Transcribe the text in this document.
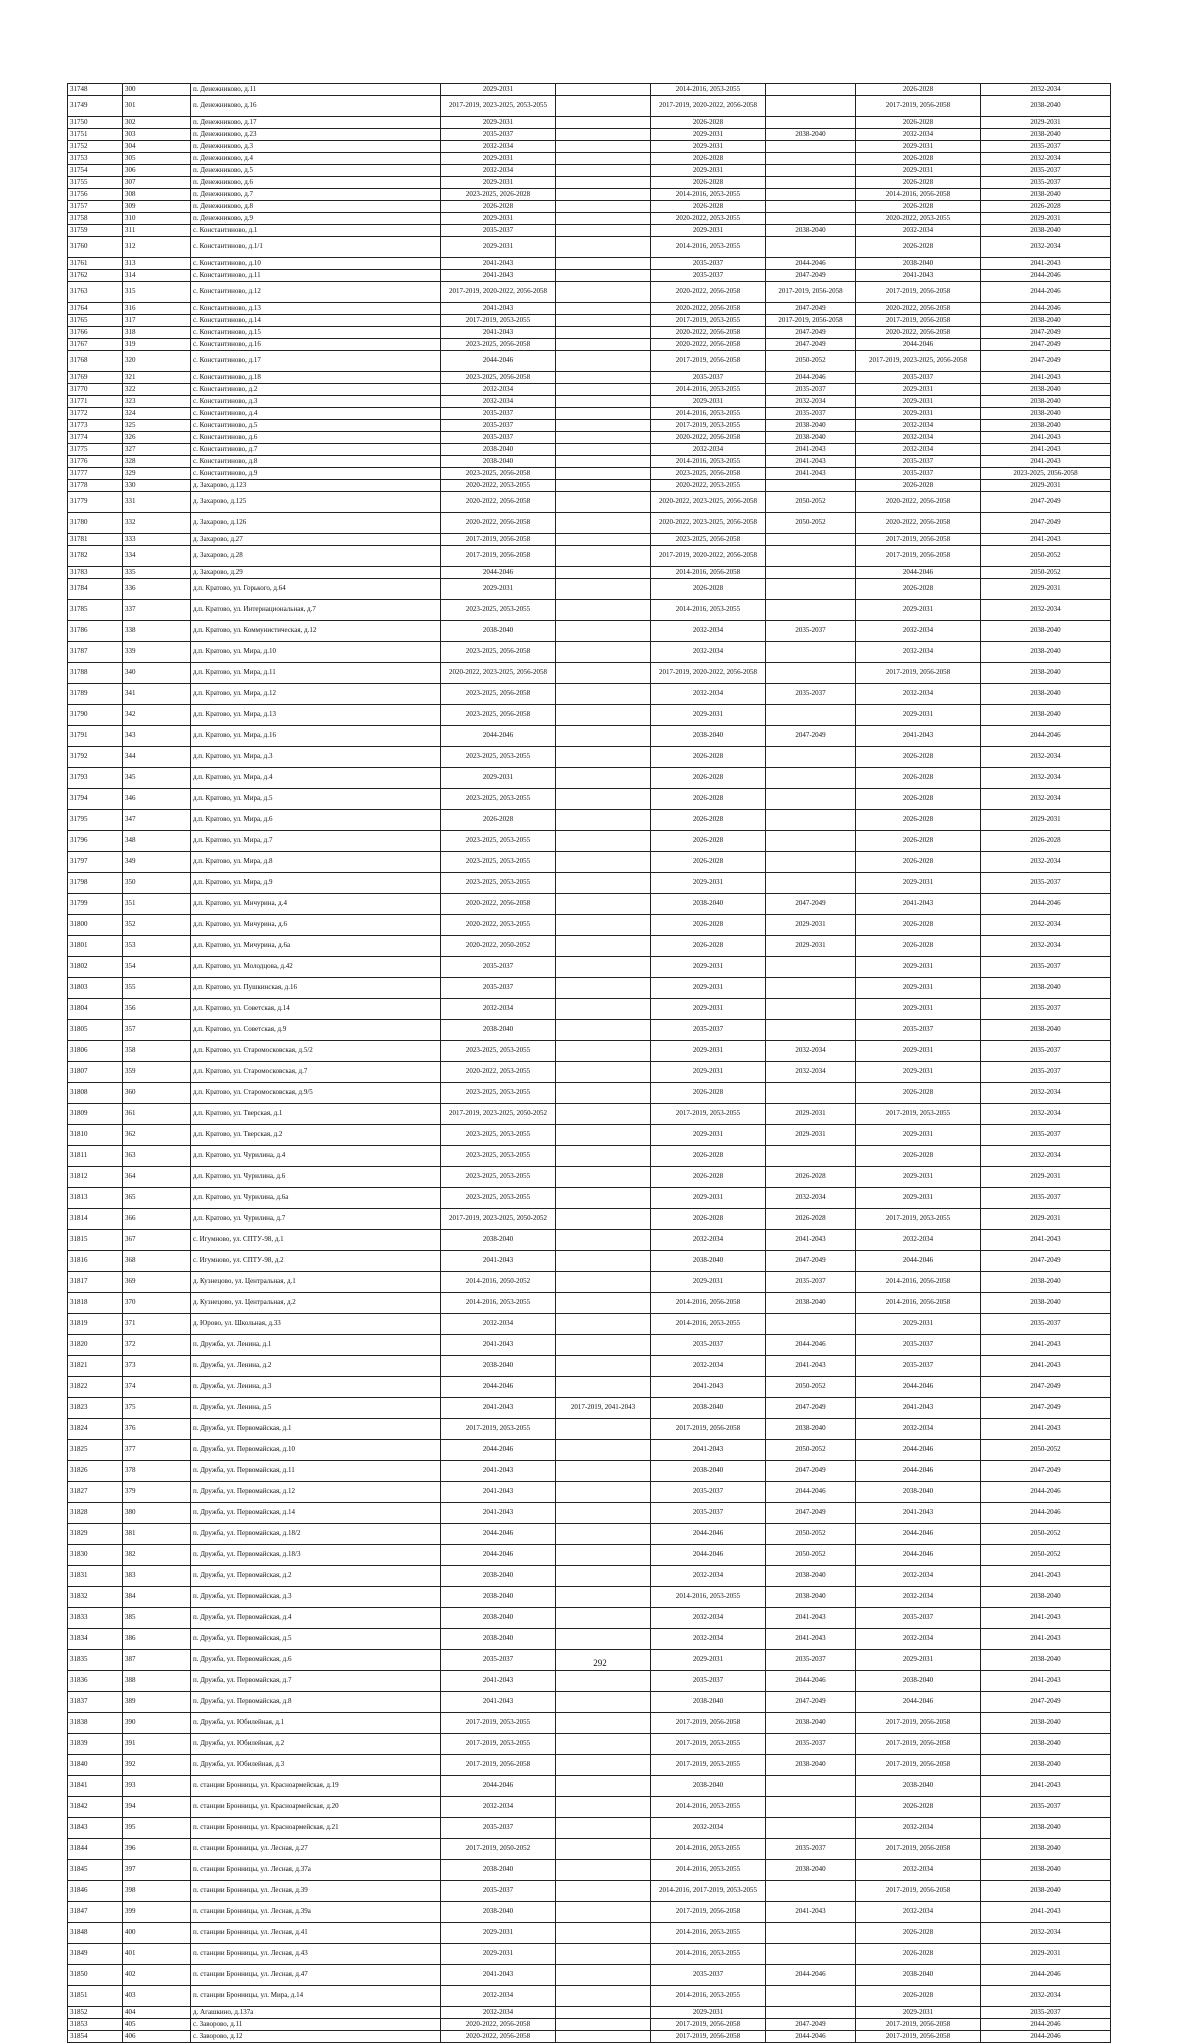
31748	300	п. Денежниково, д.11	2029-2031		2014-2016, 2053-2055		2026-2028	2032-2034
31749	301	п. Денежниково, д.16	2017-2019, 2023-2025, 2053-2055		2017-2019, 2020-2022, 2056-2058		2017-2019, 2056-2058	2038-2040
31750	302	п. Денежниково, д.17	2029-2031		2026-2028		2026-2028	2029-2031
31751	303	п. Денежниково, д.23	2035-2037		2029-2031	2038-2040	2032-2034	2038-2040
31752	304	п. Денежниково, д.3	2032-2034		2029-2031		2029-2031	2035-2037
31753	305	п. Денежниково, д.4	2029-2031		2026-2028		2026-2028	2032-2034
31754	306	п. Денежниково, д.5	2032-2034		2029-2031		2029-2031	2035-2037
31755	307	п. Денежниково, д.6	2029-2031		2026-2028		2026-2028	2035-2037
31756	308	п. Денежниково, д.7	2023-2025, 2026-2028		2014-2016, 2053-2055		2014-2016, 2056-2058	2038-2040
31757	309	п. Денежниково, д.8	2026-2028		2026-2028		2026-2028	2026-2028
31758	310	п. Денежниково, д.9	2029-2031		2020-2022, 2053-2055		2020-2022, 2053-2055	2029-2031
31759	311	с. Константиново, д.1	2035-2037		2029-2031	2038-2040	2032-2034	2038-2040
31760	312	с. Константиново, д.1/1	2029-2031		2014-2016, 2053-2055		2026-2028	2032-2034
31761	313	с. Константиново, д.10	2041-2043		2035-2037	2044-2046	2038-2040	2041-2043
31762	314	с. Константиново, д.11	2041-2043		2035-2037	2047-2049	2041-2043	2044-2046
31763	315	с. Константиново, д.12	2017-2019, 2020-2022, 2056-2058		2020-2022, 2056-2058	2017-2019, 2056-2058	2017-2019, 2056-2058	2044-2046
31764	316	с. Константиново, д.13	2041-2043		2020-2022, 2056-2058	2047-2049	2020-2022, 2056-2058	2044-2046
31765	317	с. Константиново, д.14	2017-2019, 2053-2055		2017-2019, 2053-2055	2017-2019, 2056-2058	2017-2019, 2056-2058	2038-2040
31766	318	с. Константиново, д.15	2041-2043		2020-2022, 2056-2058	2047-2049	2020-2022, 2056-2058	2047-2049
31767	319	с. Константиново, д.16	2023-2025, 2056-2058		2020-2022, 2056-2058	2047-2049	2044-2046	2047-2049
31768	320	с. Константиново, д.17	2044-2046		2017-2019, 2056-2058	2050-2052	2017-2019, 2023-2025, 2056-2058	2047-2049
31769	321	с. Константиново, д.18	2023-2025, 2056-2058		2035-2037	2044-2046	2035-2037	2041-2043
31770	322	с. Константиново, д.2	2032-2034		2014-2016, 2053-2055	2035-2037	2029-2031	2038-2040
31771	323	с. Константиново, д.3	2032-2034		2029-2031	2032-2034	2029-2031	2038-2040
31772	324	с. Константиново, д.4	2035-2037		2014-2016, 2053-2055	2035-2037	2029-2031	2038-2040
31773	325	с. Константиново, д.5	2035-2037		2017-2019, 2053-2055	2038-2040	2032-2034	2038-2040
31774	326	с. Константиново, д.6	2035-2037		2020-2022, 2056-2058	2038-2040	2032-2034	2041-2043
31775	327	с. Константиново, д.7	2038-2040		2032-2034	2041-2043	2032-2034	2041-2043
31776	328	с. Константиново, д.8	2038-2040		2014-2016, 2053-2055	2041-2043	2035-2037	2041-2043
31777	329	с. Константиново, д.9	2023-2025, 2056-2058		2023-2025, 2056-2058	2041-2043	2035-2037	2023-2025, 2056-2058
31778	330	д. Захарово, д.123	2020-2022, 2053-2055		2020-2022, 2053-2055		2026-2028	2029-2031
31779	331	д. Захарово, д.125	2020-2022, 2056-2058		2020-2022, 2023-2025, 2056-2058	2050-2052	2020-2022, 2056-2058	2047-2049
31780	332	д. Захарово, д.126	2020-2022, 2056-2058		2020-2022, 2023-2025, 2056-2058	2050-2052	2020-2022, 2056-2058	2047-2049
31781	333	д. Захарово, д.27	2017-2019, 2056-2058		2023-2025, 2056-2058		2017-2019, 2056-2058	2041-2043
31782	334	д. Захарово, д.28	2017-2019, 2056-2058		2017-2019, 2020-2022, 2056-2058		2017-2019, 2056-2058	2050-2052
31783	335	д. Захарово, д.29	2044-2046		2014-2016, 2056-2058		2044-2046	2050-2052
31784	336	д.п. Кратово, ул. Горького, д.64	2029-2031		2026-2028		2026-2028	2029-2031
31785	337	д.п. Кратово, ул. Интернациональная, д.7	2023-2025, 2053-2055		2014-2016, 2053-2055		2029-2031	2032-2034
31786	338	д.п. Кратово, ул. Коммунистическая, д.12	2038-2040		2032-2034	2035-2037	2032-2034	2038-2040
31787	339	д.п. Кратово, ул. Мира, д.10	2023-2025, 2056-2058		2032-2034		2032-2034	2038-2040
31788	340	д.п. Кратово, ул. Мира, д.11	2020-2022, 2023-2025, 2056-2058		2017-2019, 2020-2022, 2056-2058		2017-2019, 2056-2058	2038-2040
31789	341	д.п. Кратово, ул. Мира, д.12	2023-2025, 2056-2058		2032-2034	2035-2037	2032-2034	2038-2040
31790	342	д.п. Кратово, ул. Мира, д.13	2023-2025, 2056-2058		2029-2031		2029-2031	2038-2040
31791	343	д.п. Кратово, ул. Мира, д.16	2044-2046		2038-2040	2047-2049	2041-2043	2044-2046
31792	344	д.п. Кратово, ул. Мира, д.3	2023-2025, 2053-2055		2026-2028		2026-2028	2032-2034
31793	345	д.п. Кратово, ул. Мира, д.4	2029-2031		2026-2028		2026-2028	2032-2034
31794	346	д.п. Кратово, ул. Мира, д.5	2023-2025, 2053-2055		2026-2028		2026-2028	2032-2034
31795	347	д.п. Кратово, ул. Мира, д.6	2026-2028		2026-2028		2026-2028	2029-2031
31796	348	д.п. Кратово, ул. Мира, д.7	2023-2025, 2053-2055		2026-2028		2026-2028	2026-2028
31797	349	д.п. Кратово, ул. Мира, д.8	2023-2025, 2053-2055		2026-2028		2026-2028	2032-2034
31798	350	д.п. Кратово, ул. Мира, д.9	2023-2025, 2053-2055		2029-2031		2029-2031	2035-2037
31799	351	д.п. Кратово, ул. Мичурина, д.4	2020-2022, 2056-2058		2038-2040	2047-2049	2041-2043	2044-2046
31800	352	д.п. Кратово, ул. Мичурина, д.6	2020-2022, 2053-2055		2026-2028	2029-2031	2026-2028	2032-2034
31801	353	д.п. Кратово, ул. Мичурина, д.6а	2020-2022, 2050-2052		2026-2028	2029-2031	2026-2028	2032-2034
31802	354	д.п. Кратово, ул. Молодцова, д.42	2035-2037		2029-2031		2029-2031	2035-2037
31803	355	д.п. Кратово, ул. Пушкинская, д.16	2035-2037		2029-2031		2029-2031	2038-2040
31804	356	д.п. Кратово, ул. Советская, д.14	2032-2034		2029-2031		2029-2031	2035-2037
31805	357	д.п. Кратово, ул. Советская, д.9	2038-2040		2035-2037		2035-2037	2038-2040
31806	358	д.п. Кратово, ул. Старомосковская, д.5/2	2023-2025, 2053-2055		2029-2031	2032-2034	2029-2031	2035-2037
31807	359	д.п. Кратово, ул. Старомосковская, д.7	2020-2022, 2053-2055		2029-2031	2032-2034	2029-2031	2035-2037
31808	360	д.п. Кратово, ул. Старомосковская, д.9/5	2023-2025, 2053-2055		2026-2028		2026-2028	2032-2034
31809	361	д.п. Кратово, ул. Тверская, д.1	2017-2019, 2023-2025, 2050-2052		2017-2019, 2053-2055	2029-2031	2017-2019, 2053-2055	2032-2034
31810	362	д.п. Кратово, ул. Тверская, д.2	2023-2025, 2053-2055		2029-2031	2029-2031	2029-2031	2035-2037
31811	363	д.п. Кратово, ул. Чурилина, д.4	2023-2025, 2053-2055		2026-2028		2026-2028	2032-2034
31812	364	д.п. Кратово, ул. Чурилина, д.6	2023-2025, 2053-2055		2026-2028	2026-2028	2029-2031	2029-2031
31813	365	д.п. Кратово, ул. Чурилина, д.6а	2023-2025, 2053-2055		2029-2031	2032-2034	2029-2031	2035-2037
31814	366	д.п. Кратово, ул. Чурилина, д.7	2017-2019, 2023-2025, 2050-2052		2026-2028	2026-2028	2017-2019, 2053-2055	2029-2031
31815	367	с. Игумново, ул. СПТУ-98, д.1	2038-2040		2032-2034	2041-2043	2032-2034	2041-2043
31816	368	с. Игумново, ул. СПТУ-98, д.2	2041-2043		2038-2040	2047-2049	2044-2046	2047-2049
31817	369	д. Кузнецово, ул. Центральная, д.1	2014-2016, 2050-2052		2029-2031	2035-2037	2014-2016, 2056-2058	2038-2040
31818	370	д. Кузнецово, ул. Центральная, д.2	2014-2016, 2053-2055		2014-2016, 2056-2058	2038-2040	2014-2016, 2056-2058	2038-2040
31819	371	д. Юрово, ул. Школьная, д.33	2032-2034		2014-2016, 2053-2055		2029-2031	2035-2037
31820	372	п. Дружба, ул. Ленина, д.1	2041-2043		2035-2037	2044-2046	2035-2037	2041-2043
31821	373	п. Дружба, ул. Ленина, д.2	2038-2040		2032-2034	2041-2043	2035-2037	2041-2043
31822	374	п. Дружба, ул. Ленина, д.3	2044-2046		2041-2043	2050-2052	2044-2046	2047-2049
31823	375	п. Дружба, ул. Ленина, д.5	2041-2043	2017-2019, 2041-2043	2038-2040	2047-2049	2041-2043	2047-2049
31824	376	п. Дружба, ул. Первомайская, д.1	2017-2019, 2053-2055		2017-2019, 2056-2058	2038-2040	2032-2034	2041-2043
31825	377	п. Дружба, ул. Первомайская, д.10	2044-2046		2041-2043	2050-2052	2044-2046	2050-2052
31826	378	п. Дружба, ул. Первомайская, д.11	2041-2043		2038-2040	2047-2049	2044-2046	2047-2049
31827	379	п. Дружба, ул. Первомайская, д.12	2041-2043		2035-2037	2044-2046	2038-2040	2044-2046
31828	380	п. Дружба, ул. Первомайская, д.14	2041-2043		2035-2037	2047-2049	2041-2043	2044-2046
31829	381	п. Дружба, ул. Первомайская, д.18/2	2044-2046		2044-2046	2050-2052	2044-2046	2050-2052
31830	382	п. Дружба, ул. Первомайская, д.18/3	2044-2046		2044-2046	2050-2052	2044-2046	2050-2052
31831	383	п. Дружба, ул. Первомайская, д.2	2038-2040		2032-2034	2038-2040	2032-2034	2041-2043
31832	384	п. Дружба, ул. Первомайская, д.3	2038-2040		2014-2016, 2053-2055	2038-2040	2032-2034	2038-2040
31833	385	п. Дружба, ул. Первомайская, д.4	2038-2040		2032-2034	2041-2043	2035-2037	2041-2043
31834	386	п. Дружба, ул. Первомайская, д.5	2038-2040		2032-2034	2041-2043	2032-2034	2041-2043
31835	387	п. Дружба, ул. Первомайская, д.6	2035-2037		2029-2031	2035-2037	2029-2031	2038-2040
31836	388	п. Дружба, ул. Первомайская, д.7	2041-2043		2035-2037	2044-2046	2038-2040	2041-2043
31837	389	п. Дружба, ул. Первомайская, д.8	2041-2043		2038-2040	2047-2049	2044-2046	2047-2049
31838	390	п. Дружба, ул. Юбилейная, д.1	2017-2019, 2053-2055		2017-2019, 2056-2058	2038-2040	2017-2019, 2056-2058	2038-2040
31839	391	п. Дружба, ул. Юбилейная, д.2	2017-2019, 2053-2055		2017-2019, 2053-2055	2035-2037	2017-2019, 2056-2058	2038-2040
31840	392	п. Дружба, ул. Юбилейная, д.3	2017-2019, 2056-2058		2017-2019, 2053-2055	2038-2040	2017-2019, 2056-2058	2038-2040
31841	393	п. станции Бронницы, ул. Красноармейская, д.19	2044-2046		2038-2040		2038-2040	2041-2043
31842	394	п. станции Бронницы, ул. Красноармейская, д.20	2032-2034		2014-2016, 2053-2055		2026-2028	2035-2037
31843	395	п. станции Бронницы, ул. Красноармейская, д.21	2035-2037		2032-2034		2032-2034	2038-2040
31844	396	п. станции Бронницы, ул. Лесная, д.27	2017-2019, 2050-2052		2014-2016, 2053-2055	2035-2037	2017-2019, 2056-2058	2038-2040
31845	397	п. станции Бронницы, ул. Лесная, д.37а	2038-2040		2014-2016, 2053-2055	2038-2040	2032-2034	2038-2040
31846	398	п. станции Бронницы, ул. Лесная, д.39	2035-2037		2014-2016, 2017-2019, 2053-2055		2017-2019, 2056-2058	2038-2040
31847	399	п. станции Бронницы, ул. Лесная, д.39а	2038-2040		2017-2019, 2056-2058	2041-2043	2032-2034	2041-2043
31848	400	п. станции Бронницы, ул. Лесная, д.41	2029-2031		2014-2016, 2053-2055		2026-2028	2032-2034
31849	401	п. станции Бронницы, ул. Лесная, д.43	2029-2031		2014-2016, 2053-2055		2026-2028	2029-2031
31850	402	п. станции Бронницы, ул. Лесная, д.47	2041-2043		2035-2037	2044-2046	2038-2040	2044-2046
31851	403	п. станции Бронницы, ул. Мира, д.14	2032-2034		2014-2016, 2053-2055		2026-2028	2032-2034
31852	404	д. Агашкино, д.137а	2032-2034		2029-2031		2029-2031	2035-2037
31853	405	с. Заворово, д.11	2020-2022, 2056-2058		2017-2019, 2056-2058	2047-2049	2017-2019, 2056-2058	2044-2046
31854	406	с. Заворово, д.12	2020-2022, 2056-2058		2017-2019, 2056-2058	2044-2046	2017-2019, 2056-2058	2044-2046
292
